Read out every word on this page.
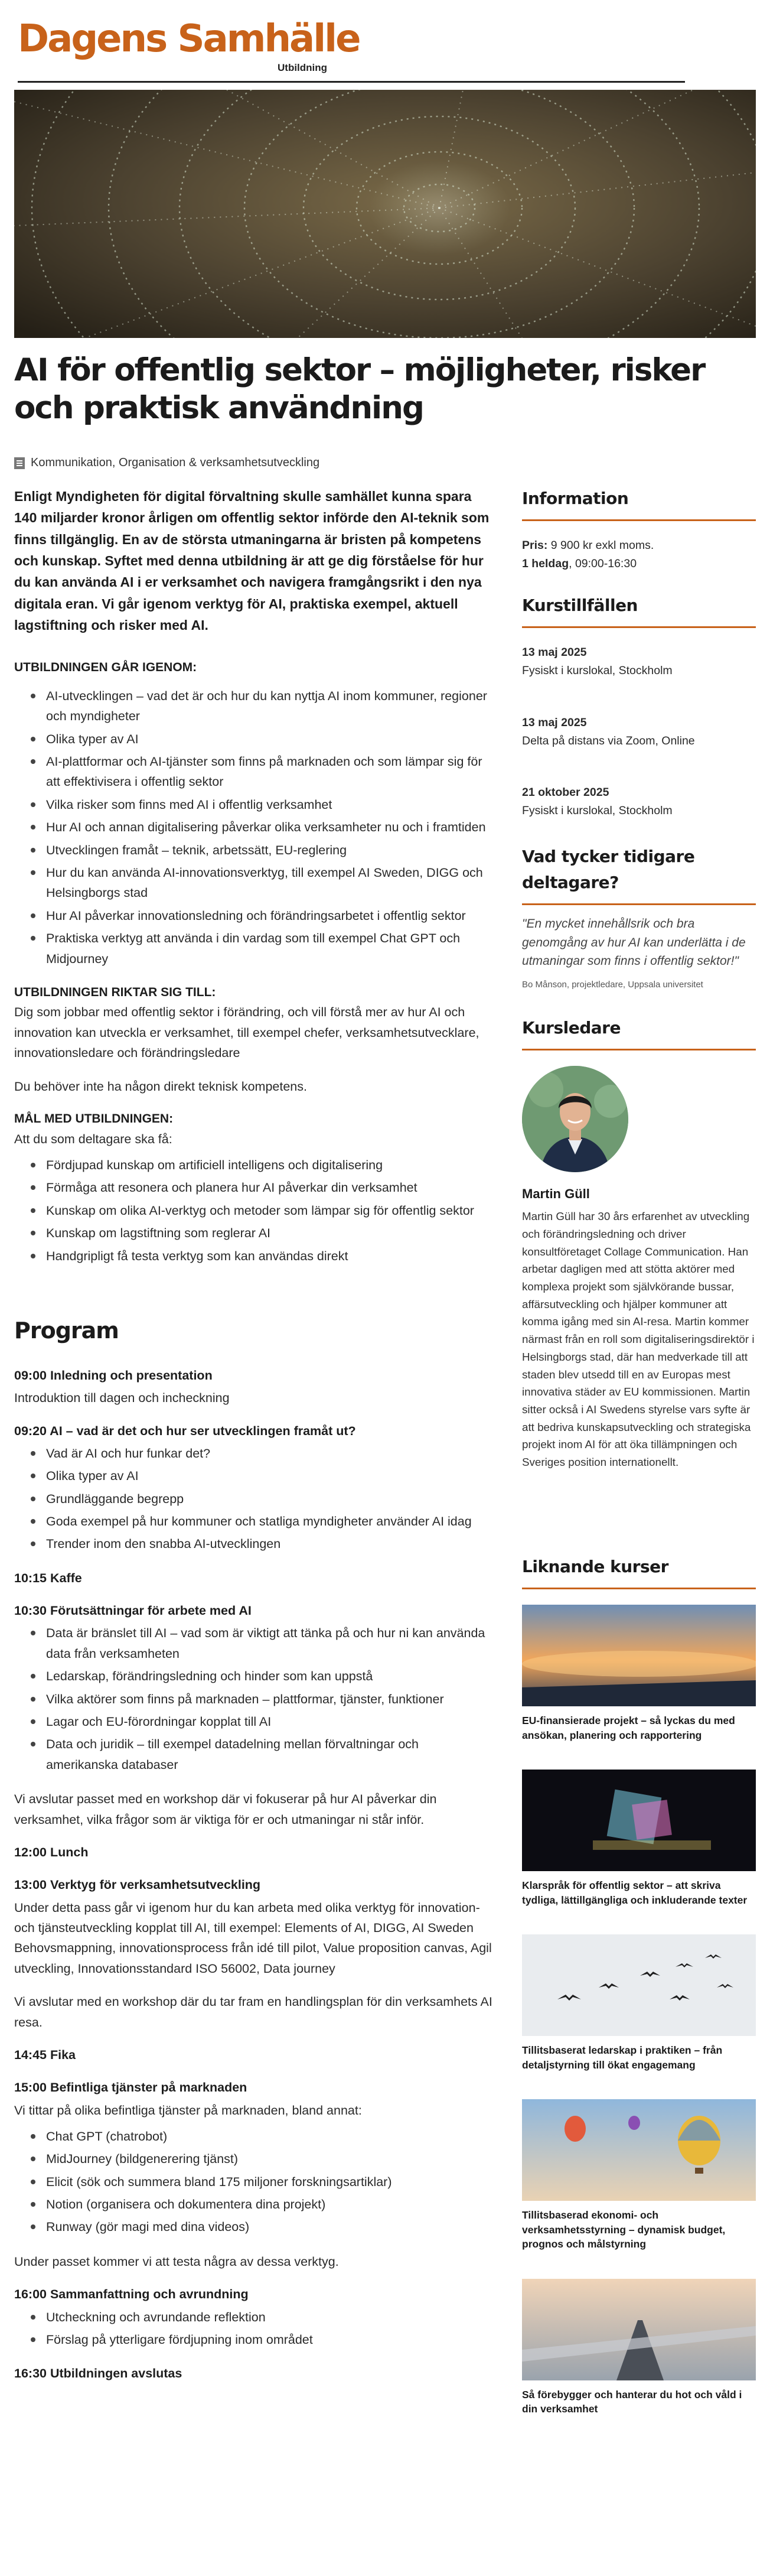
Dagens Samhälle
Utbildning
AI för offentlig sektor – möjligheter, risker och praktisk användning
Kommunikation, Organisation & verksamhetsutveckling

Enligt Myndigheten för digital förvaltning skulle samhället kunna spara 140 miljarder kronor årligen om offentlig sektor införde den AI-teknik som finns tillgänglig. En av de största utmaningarna är bristen på kompetens och kunskap. Syftet med denna utbildning är att ge dig förståelse för hur du kan använda AI i er verksamhet och navigera framgångsrikt i den nya digitala eran. Vi går igenom verktyg för AI, praktiska exempel, aktuell lagstiftning och risker med AI.

UTBILDNINGEN GÅR IGENOM:
AI-utvecklingen – vad det är och hur du kan nyttja AI inom kommuner, regioner och myndigheter
Olika typer av AI
AI-plattformar och AI-tjänster som finns på marknaden och som lämpar sig för att effektivisera i offentlig sektor
Vilka risker som finns med AI i offentlig verksamhet
Hur AI och annan digitalisering påverkar olika verksamheter nu och i framtiden
Utvecklingen framåt – teknik, arbetssätt, EU-reglering
Hur du kan använda AI-innovationsverktyg, till exempel AI Sweden, DIGG och Helsingborgs stad
Hur AI påverkar innovationsledning och förändringsarbetet i offentlig sektor
Praktiska verktyg att använda i din vardag som till exempel Chat GPT och Midjourney
UTBILDNINGEN RIKTAR SIG TILL:

Dig som jobbar med offentlig sektor i förändring, och vill förstå mer av hur AI och innovation kan utveckla er verksamhet, till exempel chefer, verksamhetsutvecklare, innovationsledare och förändringsledare

Du behöver inte ha någon direkt teknisk kompetens.

MÅL MED UTBILDNINGEN:

Att du som deltagare ska få:

Fördjupad kunskap om artificiell intelligens och digitalisering
Förmåga att resonera och planera hur AI påverkar din verksamhet
Kunskap om olika AI-verktyg och metoder som lämpar sig för offentlig sektor
Kunskap om lagstiftning som reglerar AI
Handgripligt få testa verktyg som kan användas direkt
Program
09:00 Inledning och presentation

Introduktion till dagen och incheckning

09:20 AI – vad är det och hur ser utvecklingen framåt ut?
Vad är AI och hur funkar det?
Olika typer av AI
Grundläggande begrepp
Goda exempel på hur kommuner och statliga myndigheter använder AI idag
Trender inom den snabba AI-utvecklingen
10:15 Kaffe
10:30 Förutsättningar för arbete med AI
Data är bränslet till AI – vad som är viktigt att tänka på och hur ni kan använda data från verksamheten
Ledarskap, förändringsledning och hinder som kan uppstå
Vilka aktörer som finns på marknaden – plattformar, tjänster, funktioner
Lagar och EU-förordningar kopplat till AI
Data och juridik – till exempel datadelning mellan förvaltningar och amerikanska databaser

Vi avslutar passet med en workshop där vi fokuserar på hur AI påverkar din verksamhet, vilka frågor som är viktiga för er och utmaningar ni står inför.

12:00 Lunch
13:00 Verktyg för verksamhetsutveckling

Under detta pass går vi igenom hur du kan arbeta med olika verktyg för innovation- och tjänsteutveckling kopplat till AI, till exempel: Elements of AI, DIGG, AI Sweden Behovsmappning, innovationsprocess från idé till pilot, Value proposition canvas, Agil utveckling, Innovationsstandard ISO 56002, Data journey

Vi avslutar med en workshop där du tar fram en handlingsplan för din verksamhets AI resa.

14:45 Fika
15:00 Befintliga tjänster på marknaden

Vi tittar på olika befintliga tjänster på marknaden, bland annat:

Chat GPT (chatrobot)
MidJourney (bildgenerering tjänst)
Elicit (sök och summera bland 175 miljoner forskningsartiklar)
Notion (organisera och dokumentera dina projekt)
Runway (gör magi med dina videos)

Under passet kommer vi att testa några av dessa verktyg.

16:00 Sammanfattning och avrundning
Utcheckning och avrundande reflektion
Förslag på ytterligare fördjupning inom området
16:30 Utbildningen avslutas
Information
Pris: 9 900 kr exkl moms.
1 heldag, 09:00-16:30
Kurstillfällen
13 maj 2025
Fysiskt i kurslokal, Stockholm
13 maj 2025
Delta på distans via Zoom, Online
21 oktober 2025
Fysiskt i kurslokal, Stockholm
Vad tycker tidigare deltagare?

"En mycket innehållsrik och bra genomgång av hur AI kan underlätta i de utmaningar som finns i offentlig sektor!"

Bo Månson, projektledare, Uppsala universitet

Kursledare
Martin Güll

Martin Güll har 30 års erfarenhet av utveckling och förändringsledning och driver konsultföretaget Collage Communication. Han arbetar dagligen med att stötta aktörer med komplexa projekt som självkörande bussar, affärsutveckling och hjälper kommuner att komma igång med sin AI-resa. Martin kommer närmast från en roll som digitaliseringsdirektör i Helsingborgs stad, där han medverkade till att staden blev utsedd till en av Europas mest innovativa städer av EU kommissionen. Martin sitter också i AI Swedens styrelse vars syfte är att bedriva kunskapsutveckling och strategiska projekt inom AI för att öka tillämpningen och Sveriges position internationellt.

Liknande kurser
EU-finansierade projekt – så lyckas du med ansökan, planering och rapportering
Klarspråk för offentlig sektor – att skriva tydliga, lättillgängliga och inkluderande texter
Tillitsbaserat ledarskap i praktiken – från detaljstyrning till ökat engagemang
Tillitsbaserad ekonomi- och verksamhetsstyrning – dynamisk budget, prognos och målstyrning
Så förebygger och hanterar du hot och våld i din verksamhet
